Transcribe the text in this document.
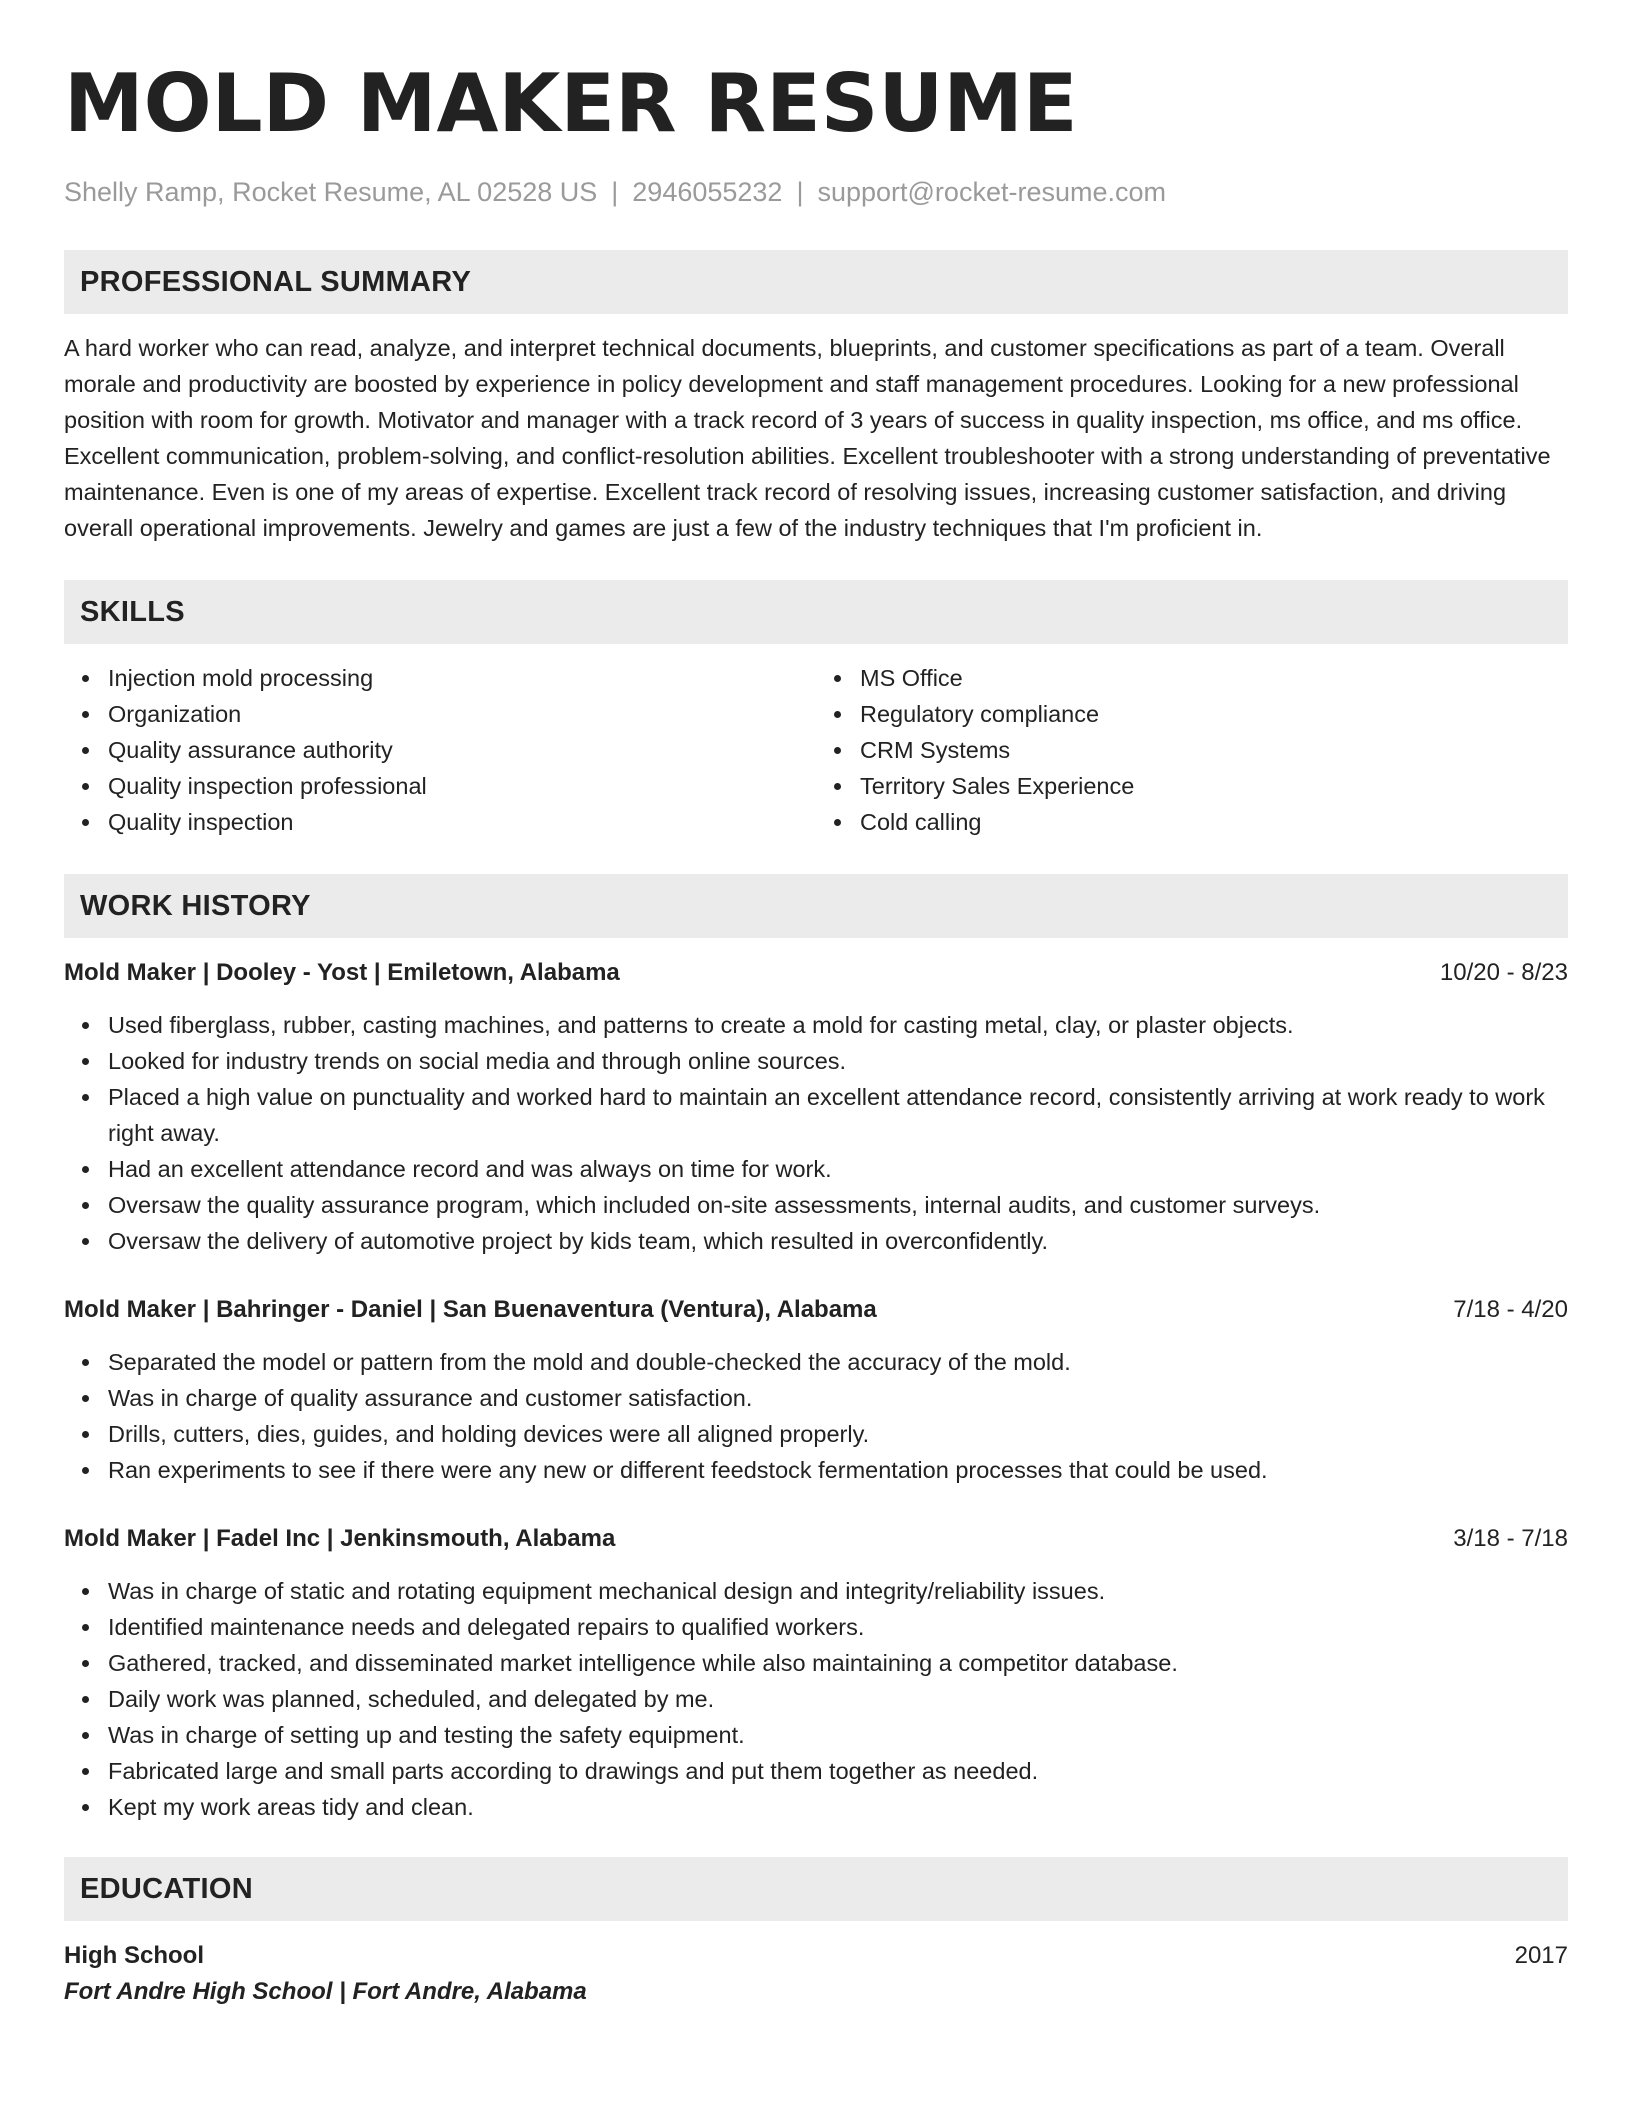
MOLD MAKER RESUME
Shelly Ramp, Rocket Resume, AL 02528 US | 2946055232 | support@rocket-resume.com
PROFESSIONAL SUMMARY

A hard worker who can read, analyze, and interpret technical documents, blueprints, and customer specifications as part of a team. Overall morale and productivity are boosted by experience in policy development and staff management procedures. Looking for a new professional position with room for growth. Motivator and manager with a track record of 3 years of success in quality inspection, ms office, and ms office. Excellent communication, problem-solving, and conflict-resolution abilities. Excellent troubleshooter with a strong understanding of preventative maintenance. Even is one of my areas of expertise. Excellent track record of resolving issues, increasing customer satisfaction, and driving overall operational improvements. Jewelry and games are just a few of the industry techniques that I'm proficient in.

SKILLS
Injection mold processing
Organization
Quality assurance authority
Quality inspection professional
Quality inspection
MS Office
Regulatory compliance
CRM Systems
Territory Sales Experience
Cold calling
WORK HISTORY
Mold Maker | Dooley - Yost | Emiletown, Alabama	10/20 - 8/23
Used fiberglass, rubber, casting machines, and patterns to create a mold for casting metal, clay, or plaster objects.
Looked for industry trends on social media and through online sources.
Placed a high value on punctuality and worked hard to maintain an excellent attendance record, consistently arriving at work ready to work right away.
Had an excellent attendance record and was always on time for work.
Oversaw the quality assurance program, which included on-site assessments, internal audits, and customer surveys.
Oversaw the delivery of automotive project by kids team, which resulted in overconfidently.
Mold Maker | Bahringer - Daniel | San Buenaventura (Ventura), Alabama	7/18 - 4/20
Separated the model or pattern from the mold and double-checked the accuracy of the mold.
Was in charge of quality assurance and customer satisfaction.
Drills, cutters, dies, guides, and holding devices were all aligned properly.
Ran experiments to see if there were any new or different feedstock fermentation processes that could be used.
Mold Maker | Fadel Inc | Jenkinsmouth, Alabama	3/18 - 7/18
Was in charge of static and rotating equipment mechanical design and integrity/reliability issues.
Identified maintenance needs and delegated repairs to qualified workers.
Gathered, tracked, and disseminated market intelligence while also maintaining a competitor database.
Daily work was planned, scheduled, and delegated by me.
Was in charge of setting up and testing the safety equipment.
Fabricated large and small parts according to drawings and put them together as needed.
Kept my work areas tidy and clean.
EDUCATION
High School	2017
Fort Andre High School | Fort Andre, Alabama
